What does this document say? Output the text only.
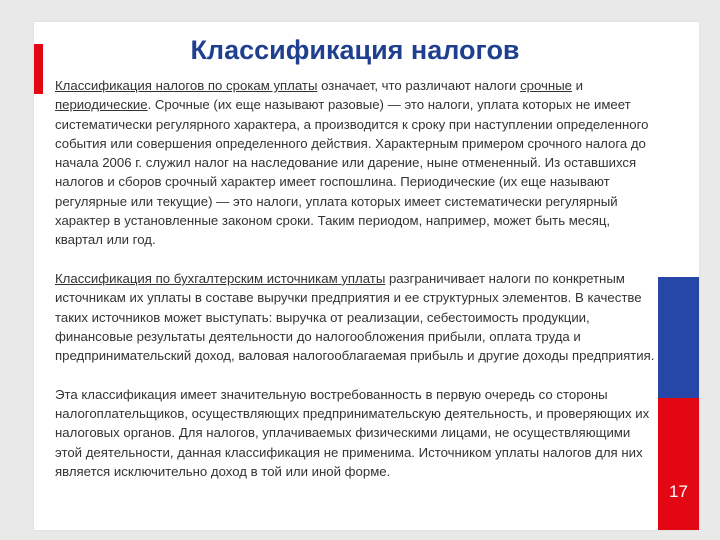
17
Классификация налогов

Классификация налогов по срокам уплаты означает, что различают налоги срочные и периодические. Срочные (их еще называют разовые) — это налоги, уплата которых не имеет систематически регулярного характера, а производится к сроку при наступлении определенного события или совершения определенного действия. Характерным примером срочного налога до начала 2006 г. служил налог на наследование или дарение, ныне отмененный. Из оставшихся налогов и сборов срочный характер имеет госпошлина. Периодические (их еще называют регулярные или текущие) — это налоги, уплата которых имеет систематически регулярный характер в установленные законом сроки. Таким периодом, например, может быть месяц, квартал или год.

Классификация по бухгалтерским источникам уплаты разграничивает налоги по конкретным источникам их уплаты в составе выручки предприятия и ее структурных элементов. В качестве таких источников может выступать: выручка от реализации, себестоимость продукции, финансовые результаты деятельности до налогообложения прибыли, оплата труда и предпринимательский доход, валовая налогооблагаемая прибыль и другие доходы предприятия.

Эта классификация имеет значительную востребованность в первую очередь со стороны налогоплательщиков, осуществляющих предпринимательскую деятельность, и проверяющих их налоговых органов. Для налогов, уплачиваемых физическими лицами, не осуществляющими этой деятельности, данная классификация не применима. Источником уплаты налогов для них является исключительно доход в той или иной форме.
